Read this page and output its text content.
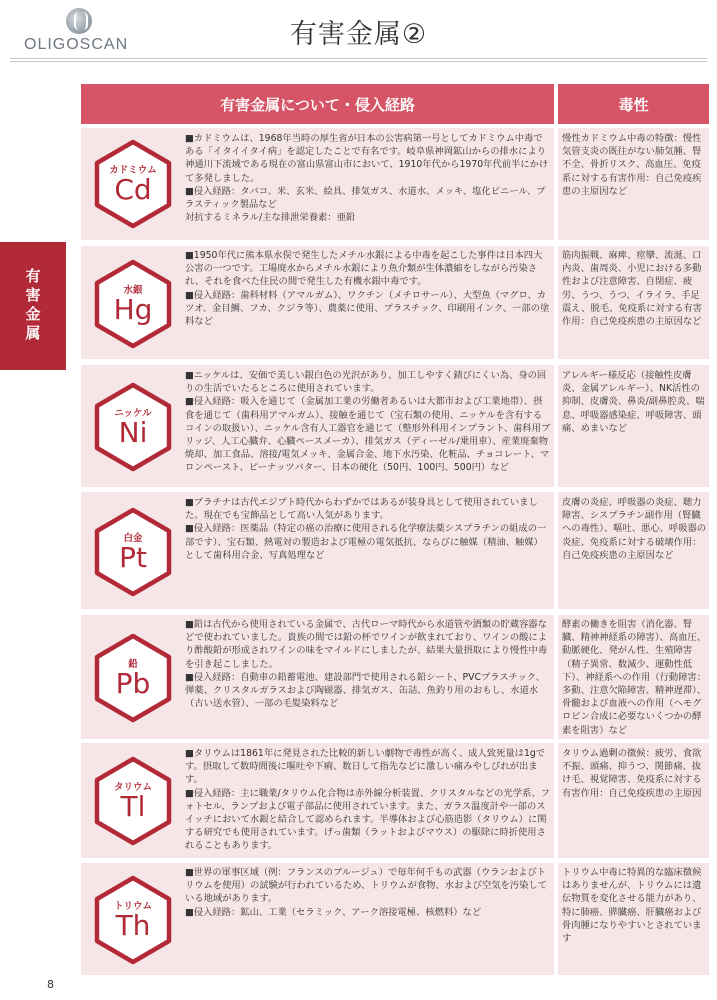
OLIGOSCAN	有害金属②
有害金属
有害金属について・侵入経路	毒性
カドミウム
Cd

■カドミウムは、1968年当時の厚生省が日本の公害病第一号としてカドミウム中毒である「イタイイタイ病」を認定したことで有名です。岐阜県神岡鉱山からの排水により神通川下流域である現在の富山県富山市において、1910年代から1970年代前半にかけて多発しました。

■侵入経路：タバコ、米、玄米、絵具、排気ガス、水道水、メッキ、塩化ビニール、プラスティック製品など

対抗するミネラル/主な排泄栄養素：亜鉛

慢性カドミウム中毒の特徴：慢性気管支炎の既往がない肺気腫、腎不全、骨折リスク、高血圧、免疫系に対する有害作用：自己免疫疾患の主原因など
水銀
Hg

■1950年代に熊本県水俣で発生したメチル水銀による中毒を起こした事件は日本四大公害の一つです。工場廃水からメチル水銀により魚介類が生体濃縮をしながら汚染され、それを食べた住民の間で発生した有機水銀中毒です。

■侵入経路：歯科材料（アマルガム）、ワクチン（メチロサール）、大型魚（マグロ、カツオ、金目鯛、フカ、クジラ等）、農薬に使用、プラスチック、印刷用インク、一部の塗料など

筋肉振戦、麻痺、痙攣、流涎、口内炎、歯周炎、小児における多動性および注意障害、自閉症、疲労、うつ、うつ、イライラ、手足震え、脱毛、免疫系に対する有害作用：自己免疫疾患の主原因など
ニッケル
Ni

■ニッケルは、安価で美しい銀白色の光沢があり、加工しやすく錆びにくい為、身の回りの生活でいたるところに使用されています。

■侵入経路：吸入を通じて（金属加工業の労働者あるいは大都市および工業地帯）、摂食を通じて（歯科用アマルガム）、接触を通じて（宝石類の使用、ニッケルを含有するコインの取扱い）、ニッケル含有人工器官を通じて（整形外科用インプラント、歯科用ブリッジ、人工心臓弁、心臓ペースメーカ）、排気ガス（ディーゼル/乗用車）、産業廃棄物焼却、加工食品、溶接/電気メッキ、金属合金、地下水汚染、化粧品、チョコレート、マロンペースト、ピーナッツバター、日本の硬化（50円、100円、500円）など

アレルギー様反応（接触性皮膚炎、金属アレルギー）、NK活性の抑制、皮膚炎、鼻炎/副鼻腔炎、喘息、呼吸器感染症、呼吸障害、頭痛、めまいなど
白金
Pt

■プラチナは古代エジプト時代からわずかではあるが装身具として使用されていました。現在でも宝飾品として高い人気があります。

■侵入経路：医薬品（特定の癌の治療に使用される化学療法薬シスプラチンの組成の一部です）、宝石類、熱電対の製造および電極の電気抵抗、ならびに触媒（精油、触媒）として歯科用合金、写真処理など

皮膚の炎症、呼吸器の炎症、聴力障害、シスプラチン副作用（腎臓への毒性）、嘔吐、悪心、呼吸器の炎症、免疫系に対する破壊作用：自己免疫疾患の主原因など
鉛
Pb

■鉛は古代から使用されている金属で、古代ローマ時代から水道管や酒類の貯蔵容器などで使われていました。貴族の間では鉛の杯でワインが飲まれており、ワインの酸により酢酸鉛が形成されワインの味をマイルドにしましたが、結果大量摂取により慢性中毒を引き起こしました。

■侵入経路：自動車の鉛蓄電池、建設部門で使用される鉛シート、PVCプラスチック、弾薬、クリスタルガラスおよび陶磁器、排気ガス、缶詰、魚釣り用のおもし、水道水（古い送水管）、一部の毛髪染料など

酵素の働きを阻害（消化器、腎臓、精神神経系の障害）、高血圧、動脈硬化、発がん性、生殖障害（精子異常、数減少、運動性低下）、神経系への作用（行動障害：多動、注意欠陥障害、精神遅滞）、骨髄および血液への作用（ヘモグロビン合成に必要ないくつかの酵素を阻害）など
タリウム
Tl

■タリウムは1861年に発見された比較的新しい劇物で毒性が高く、成人致死量は1gです。摂取して数時間後に嘔吐や下痢、数日して指先などに激しい痛みやしびれが出ます。

■侵入経路：主に職業/タリウム化合物は赤外線分析装置、クリスタルなどの光学系、フォトセル、ランプおよび電子部品に使用されています。また、ガラス温度計や一部のスイッチにおいて水銀と結合して認められます。半導体および心筋造影（タリウム）に関する研究でも使用されています。げっ歯類（ラットおよびマウス）の駆除に時折使用されることもあります。

タリウム過剰の徴候：疲労、食欲不振、頭痛、抑うつ、関節痛、抜け毛、視覚障害、免疫系に対する有害作用：自己免疫疾患の主原因
トリウム
Th

■世界の軍事区域（例：フランスのブルージュ）で毎年何千もの武器（ウランおよびトリウムを使用）の試験が行われているため、トリウムが食物、水および空気を汚染している地域があります。

■侵入経路：鉱山、工業（セラミック、アーク溶接電極、核燃料）など

トリウム中毒に特異的な臨床徴候はありませんが、トリウムには遺伝物質を変化させる能力があり、特に肺癌、膵臓癌、肝臓癌および骨肉腫になりやすいとされています
8
